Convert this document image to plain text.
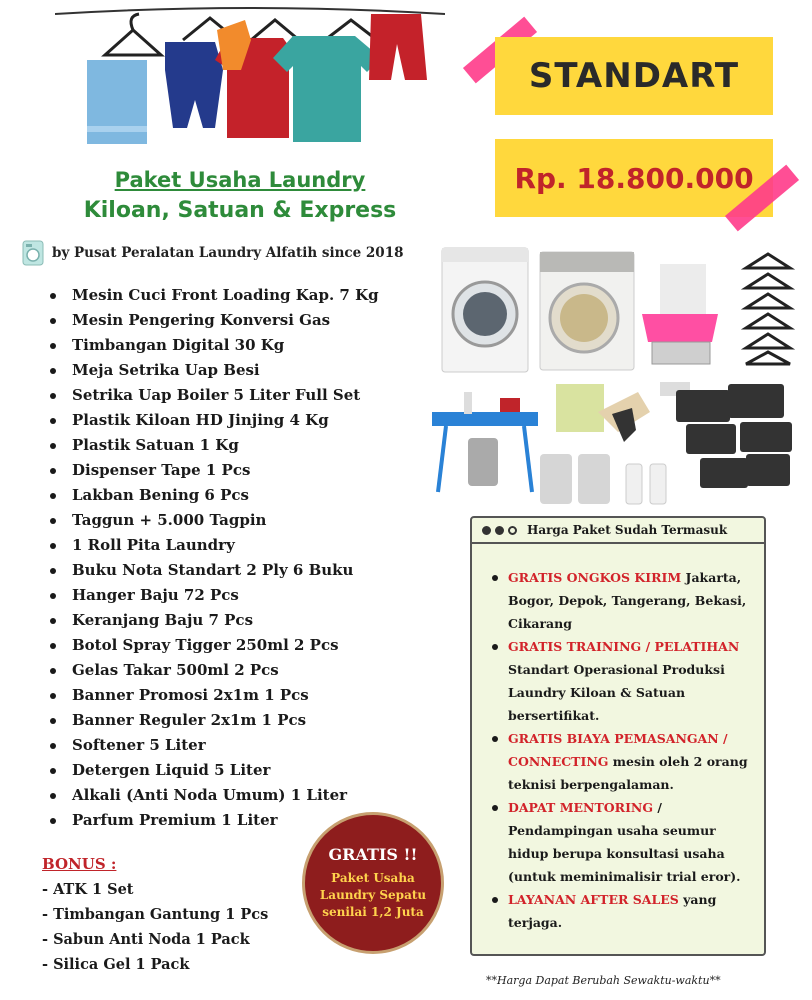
Paket Usaha Laundry
Kiloan, Satuan & Express
by Pusat Peralatan Laundry Alfatih since 2018
Mesin Cuci Front Loading Kap. 7 Kg
Mesin Pengering Konversi Gas
Timbangan Digital 30 Kg
Meja Setrika Uap Besi
Setrika Uap Boiler 5 Liter Full Set
Plastik Kiloan HD Jinjing 4 Kg
Plastik Satuan 1 Kg
Dispenser Tape 1 Pcs
Lakban Bening 6 Pcs
Taggun + 5.000 Tagpin
1 Roll Pita Laundry
Buku Nota Standart 2 Ply 6 Buku
Hanger Baju 72 Pcs
Keranjang Baju 7 Pcs
Botol Spray Tigger 250ml 2 Pcs
Gelas Takar 500ml 2 Pcs
Banner Promosi 2x1m 1 Pcs
Banner Reguler 2x1m 1 Pcs
Softener 5 Liter
Detergen Liquid 5 Liter
Alkali (Anti Noda Umum) 1 Liter
Parfum Premium 1 Liter
BONUS :
- ATK 1 Set
- Timbangan Gantung 1 Pcs
- Sabun Anti Noda 1 Pack
- Silica Gel 1 Pack
GRATIS !!
Paket Usaha
Laundry Sepatu
senilai 1,2 Juta
STANDART
Rp. 18.800.000
Harga Paket Sudah Termasuk
GRATIS ONGKOS KIRIM Jakarta, Bogor, Depok, Tangerang, Bekasi, Cikarang
GRATIS TRAINING / PELATIHAN Standart Operasional Produksi Laundry Kiloan & Satuan bersertifikat.
GRATIS BIAYA PEMASANGAN / CONNECTING mesin oleh 2 orang teknisi berpengalaman.
DAPAT MENTORING / Pendampingan usaha seumur hidup berupa konsultasi usaha (untuk meminimalisir trial eror).
LAYANAN AFTER SALES yang terjaga.
**Harga Dapat Berubah Sewaktu-waktu**
